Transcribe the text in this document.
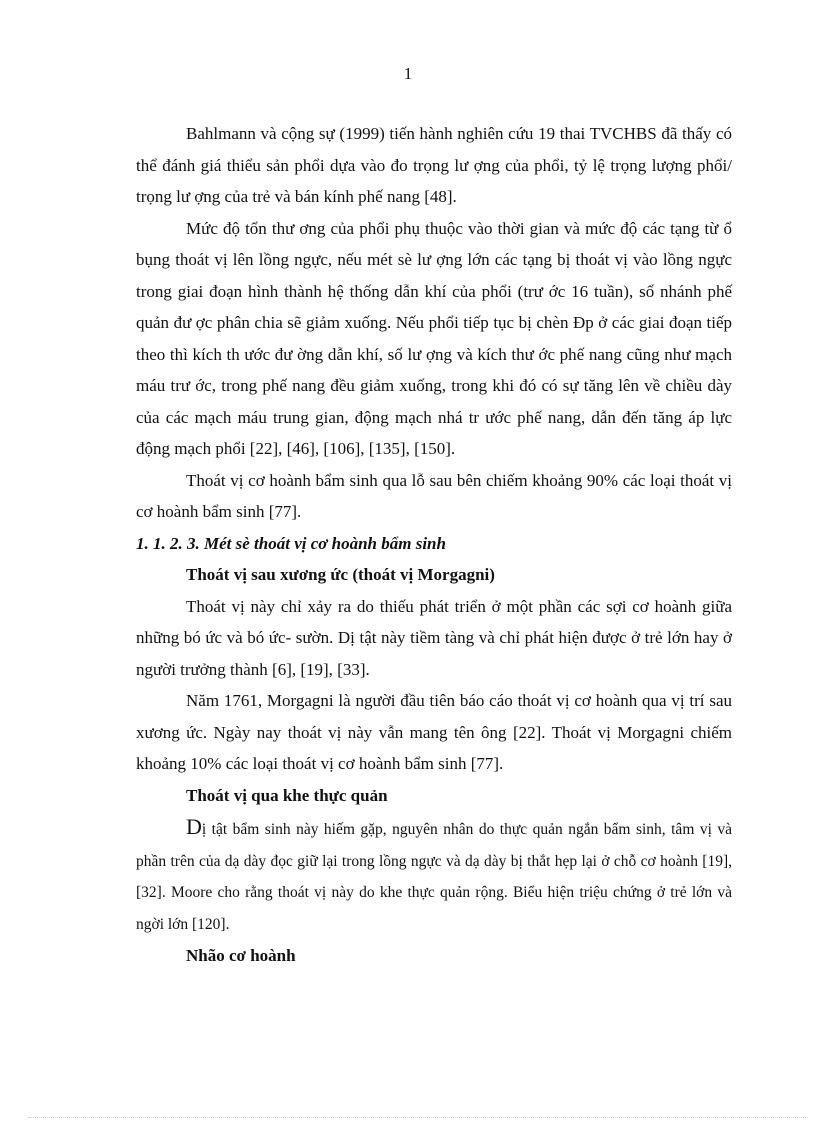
1

Bahlmann và cộng sự (1999) tiến hành nghiên cứu 19 thai TVCHBS đã thấy có thể đánh giá thiểu sản phổi dựa vào đo trọng lư ợng của phổi, tỷ lệ trọng lượng phổi/ trọng lư ợng của trẻ và bán kính phế nang [48].

Mức độ tổn thư ơng của phổi phụ thuộc vào thời gian và mức độ các tạng từ ổ bụng thoát vị lên lồng ngực, nếu mét sè lư ợng lớn các tạng bị thoát vị vào lồng ngực trong giai đoạn hình thành hệ thống dẫn khí của phổi (trư ớc 16 tuần), số nhánh phế quản đư ợc phân chia sẽ giảm xuống. Nếu phổi tiếp tục bị chèn Đp ở các giai đoạn tiếp theo thì kích th ước đư ờng dẫn khí, số lư ợng và kích thư ớc phế nang cũng như mạch máu trư ớc, trong phế nang đều giảm xuống, trong khi đó có sự tăng lên về chiều dày của các mạch máu trung gian, động mạch nhá tr ước phế nang, dẫn đến tăng áp lực động mạch phổi [22], [46], [106], [135], [150].

Thoát vị cơ hoành bẩm sinh qua lỗ sau bên chiếm khoảng 90% các loại thoát vị cơ hoành bẩm sinh [77].

1. 1. 2. 3. Mét sè thoát vị cơ hoành bẩm sinh
Thoát vị sau xương ức (thoát vị Morgagni)

Thoát vị này chỉ xảy ra do thiếu phát triển ở một phần các sợi cơ hoành giữa những bó ức và bó ức- sườn. Dị tật này tiềm tàng và chỉ phát hiện được ở trẻ lớn hay ở người trưởng thành [6], [19], [33].

Năm 1761, Morgagni là người đầu tiên báo cáo thoát vị cơ hoành qua vị trí sau xương ức. Ngày nay thoát vị này vẫn mang tên ông [22]. Thoát vị Morgagni chiếm khoảng 10% các loại thoát vị cơ hoành bẩm sinh [77].

Thoát vị qua khe thực quản

Dị tật bẩm sinh này hiếm gặp, nguyên nhân do thực quản ngắn bẩm sinh, tâm vị và phần trên của dạ dày đọc giữ lại trong lồng ngực và dạ dày bị thắt hẹp lại ở chỗ cơ hoành [19], [32]. Moore cho rằng thoát vị này do khe thực quản rộng. Biểu hiện triệu chứng ở trẻ lớn và ngời lớn [120].

Nhão cơ hoành
